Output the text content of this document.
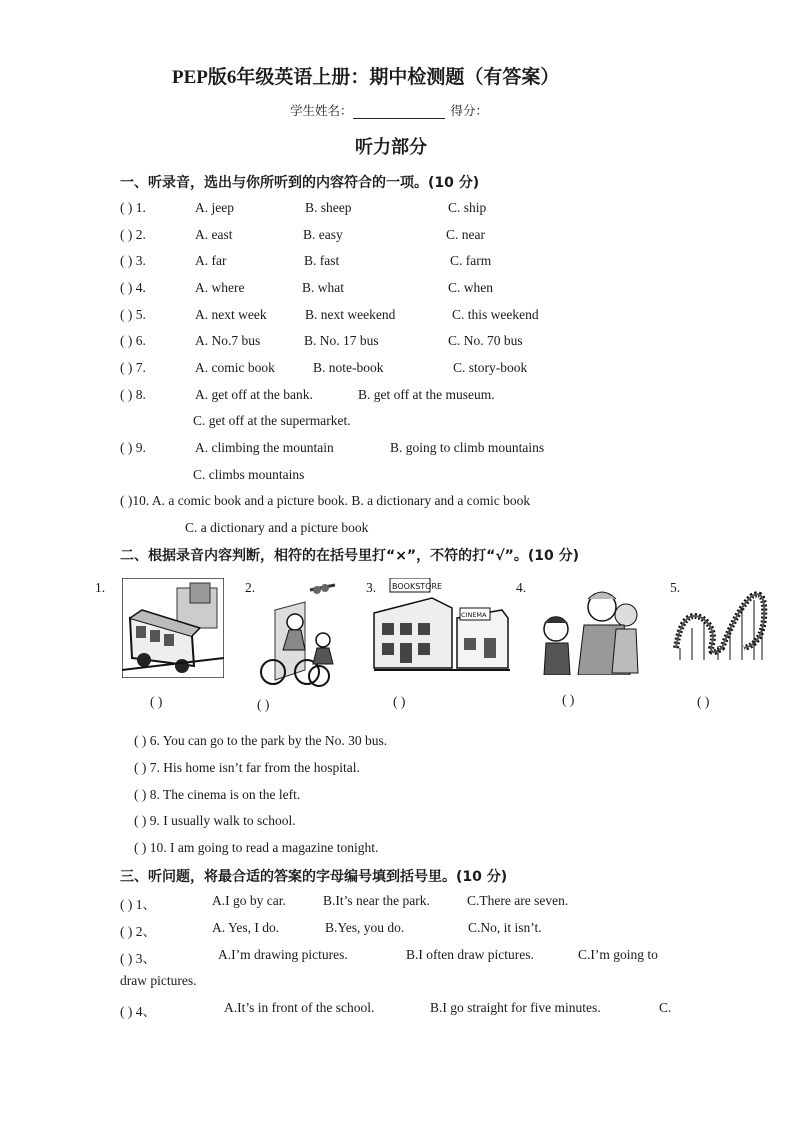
PEP版6年级英语上册：期中检测题（有答案）
学生姓名：	得分：
听力部分
一、听录音，选出与你所听到的内容符合的一项。(10 分)
( ) 1.	A. jeep	B. sheep	C. ship
( ) 2.	A. east	B. easy	C. near
( ) 3.	A. far	B. fast	C. farm
( ) 4.	A. where	B. what	C. when
( ) 5.	A. next week	B. next weekend	C. this weekend
( ) 6.	A. No.7 bus	B. No. 17 bus	C. No. 70 bus
( ) 7.	A. comic book	B. note-book	C. story-book
( ) 8.	A. get off at the bank.	B. get off at the museum.
C. get off at the supermarket.
( ) 9.	A. climbing the mountain	B. going to climb mountains
C. climbs mountains
( )10. A. a comic book and a picture book. B. a dictionary and a comic book
C. a dictionary and a picture book
二、根据录音内容判断，相符的在括号里打“×”，不符的打“√”。(10 分)
1.	2.	3.	4.	5.
BOOKSTORE
CINEMA
( )	( )	( )	( )	( )
( ) 6. You can go to the park by the No. 30 bus.
( ) 7. His home isn’t far from the hospital.
( ) 8. The cinema is on the left.
( ) 9. I usually walk to school.
( ) 10. I am going to read a magazine tonight.
三、听问题，将最合适的答案的字母编号填到括号里。(10 分)
( ) 1、	A.I go by car.	B.It’s near the park.	C.There are seven.
( ) 2、	A. Yes, I do.	B.Yes, you do.	C.No, it isn’t.
( ) 3、	A.I’m drawing pictures.	B.I often draw pictures.	C.I’m going to
draw pictures.
( ) 4、	A.It’s in front of the school.	B.I go straight for five minutes.	C.
